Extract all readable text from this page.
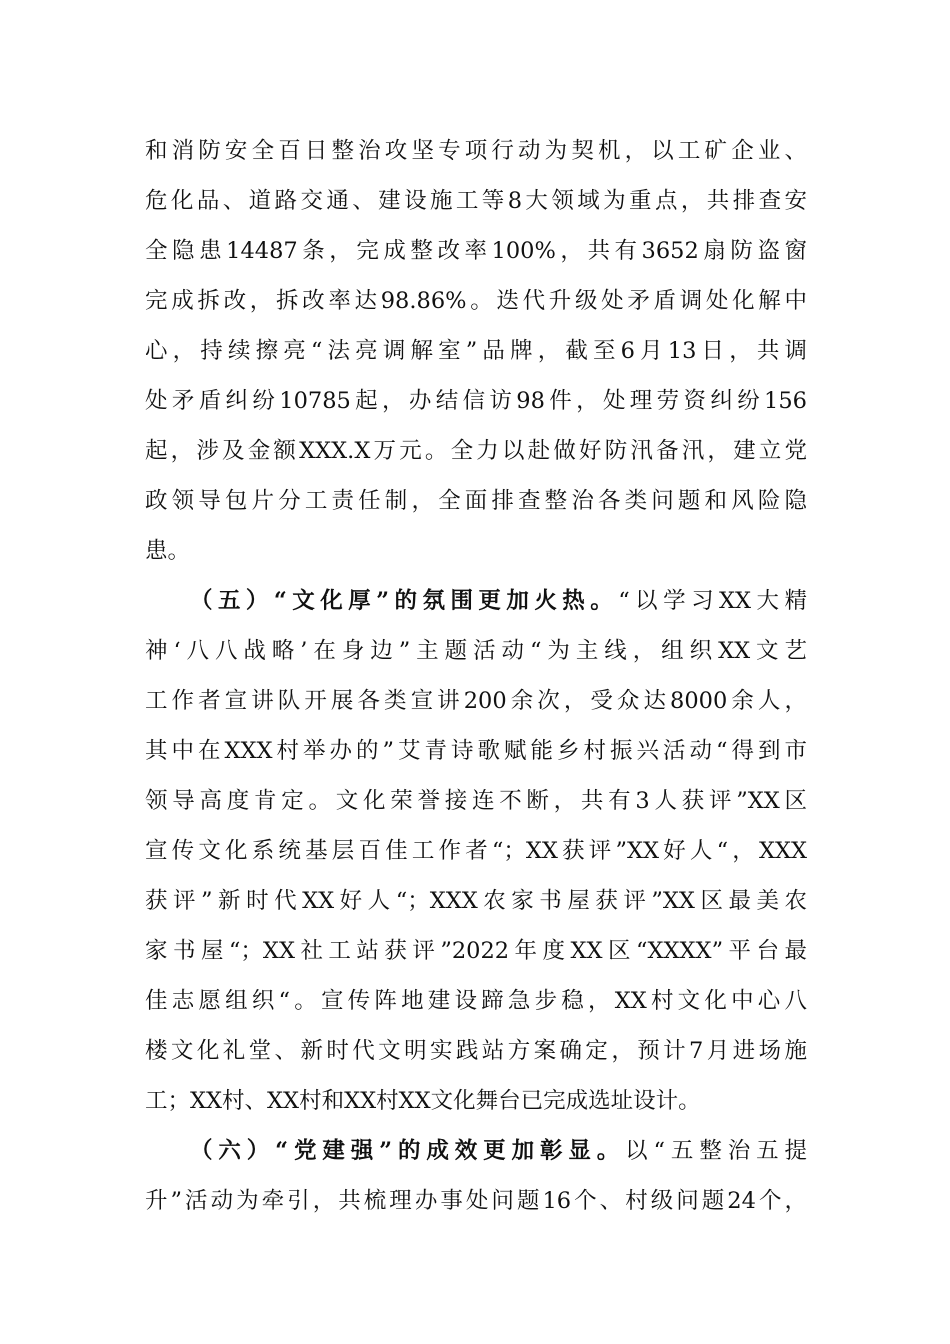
和消防安全百日整治攻坚专项行动为契机，以工矿企业、
危化品、道路交通、建设施工等8大领域为重点，共排查安
全隐患14487条，完成整改率100%，共有3652扇防盗窗
完成拆改，拆改率达98.86%。迭代升级处矛盾调处化解中
心，持续擦亮“法亮调解室”品牌，截至6月13日，共调
处矛盾纠纷10785起，办结信访98件，处理劳资纠纷156
起，涉及金额XXX.X万元。全力以赴做好防汛备汛，建立党
政领导包片分工责任制，全面排查整治各类问题和风险隐
患。
（五）“文化厚”的氛围更加火热。“以学习XX大精
神‘八八战略’在身边”主题活动“为主线，组织XX文艺
工作者宣讲队开展各类宣讲200余次，受众达8000余人，
其中在XXX村举办的”艾青诗歌赋能乡村振兴活动“得到市
领导高度肯定。文化荣誉接连不断，共有3人获评”XX区
宣传文化系统基层百佳工作者“；XX获评”XX好人“，XXX
获评”新时代XX好人“；XXX农家书屋获评”XX区最美农
家书屋“；XX社工站获评”2022年度XX区“XXXX”平台最
佳志愿组织“。宣传阵地建设蹄急步稳，XX村文化中心八
楼文化礼堂、新时代文明实践站方案确定，预计7月进场施
工；XX村、XX村和XX村XX文化舞台已完成选址设计。
（六）“党建强”的成效更加彰显。以“五整治五提
升”活动为牵引，共梳理办事处问题16个、村级问题24个，
